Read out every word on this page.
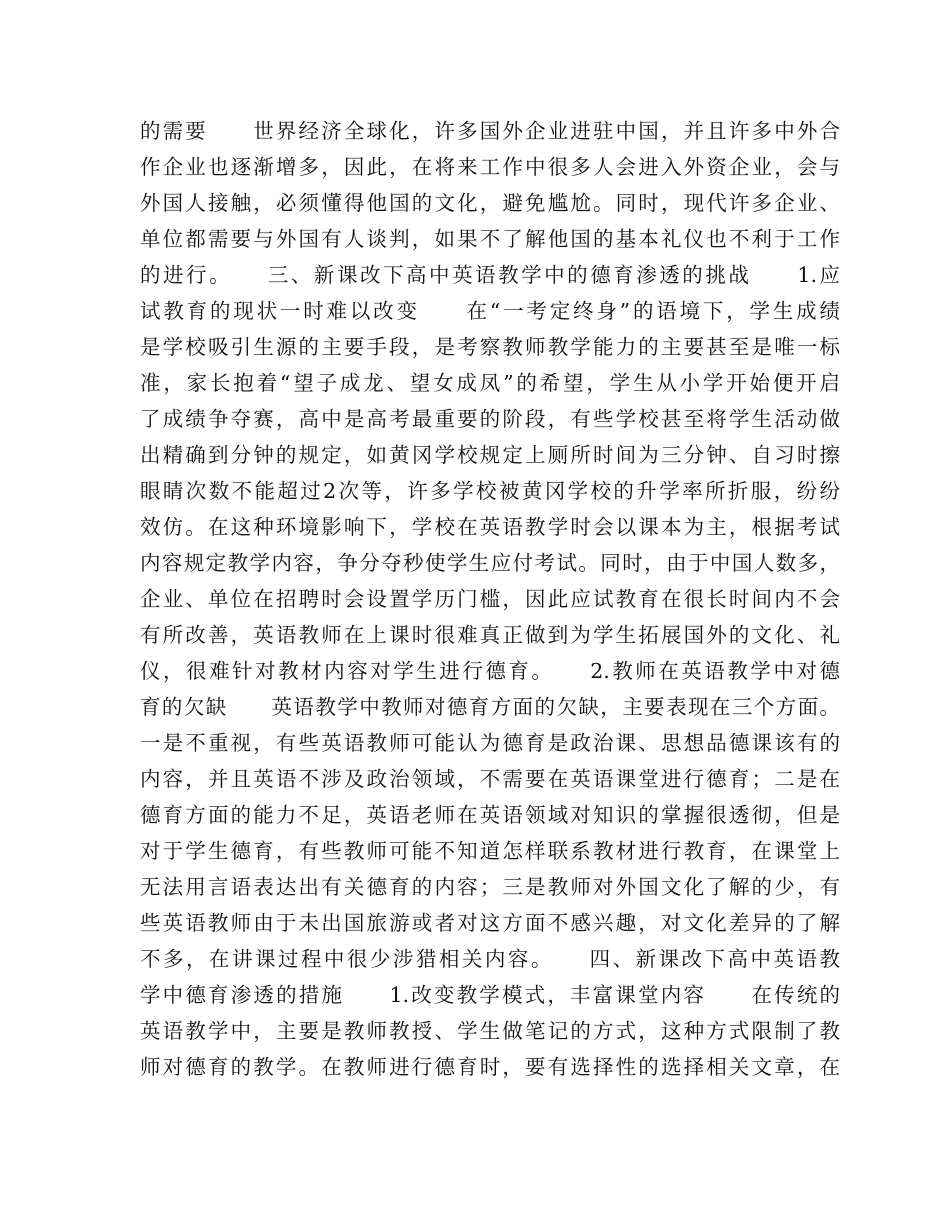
的需要　　世界经济全球化，许多国外企业进驻中国，并且许多中外合
作企业也逐渐增多，因此，在将来工作中很多人会进入外资企业，会与
外国人接触，必须懂得他国的文化，避免尴尬。同时，现代许多企业、
单位都需要与外国有人谈判，如果不了解他国的基本礼仪也不利于工作
的进行。　　三、新课改下高中英语教学中的德育渗透的挑战　　1.应
试教育的现状一时难以改变　　在“一考定终身”的语境下，学生成绩
是学校吸引生源的主要手段，是考察教师教学能力的主要甚至是唯一标
准，家长抱着“望子成龙、望女成凤”的希望，学生从小学开始便开启
了成绩争夺赛，高中是高考最重要的阶段，有些学校甚至将学生活动做
出精确到分钟的规定，如黄冈学校规定上厕所时间为三分钟、自习时擦
眼睛次数不能超过2次等，许多学校被黄冈学校的升学率所折服，纷纷
效仿。在这种环境影响下，学校在英语教学时会以课本为主，根据考试
内容规定教学内容，争分夺秒使学生应付考试。同时，由于中国人数多，
企业、单位在招聘时会设置学历门槛，因此应试教育在很长时间内不会
有所改善，英语教师在上课时很难真正做到为学生拓展国外的文化、礼
仪，很难针对教材内容对学生进行德育。　　2.教师在英语教学中对德
育的欠缺　　英语教学中教师对德育方面的欠缺，主要表现在三个方面。
一是不重视，有些英语教师可能认为德育是政治课、思想品德课该有的
内容，并且英语不涉及政治领域，不需要在英语课堂进行德育；二是在
德育方面的能力不足，英语老师在英语领域对知识的掌握很透彻，但是
对于学生德育，有些教师可能不知道怎样联系教材进行教育，在课堂上
无法用言语表达出有关德育的内容；三是教师对外国文化了解的少，有
些英语教师由于未出国旅游或者对这方面不感兴趣，对文化差异的了解
不多，在讲课过程中很少涉猎相关内容。　　四、新课改下高中英语教
学中德育渗透的措施　　1.改变教学模式，丰富课堂内容　　在传统的
英语教学中，主要是教师教授、学生做笔记的方式，这种方式限制了教
师对德育的教学。在教师进行德育时，要有选择性的选择相关文章，在
